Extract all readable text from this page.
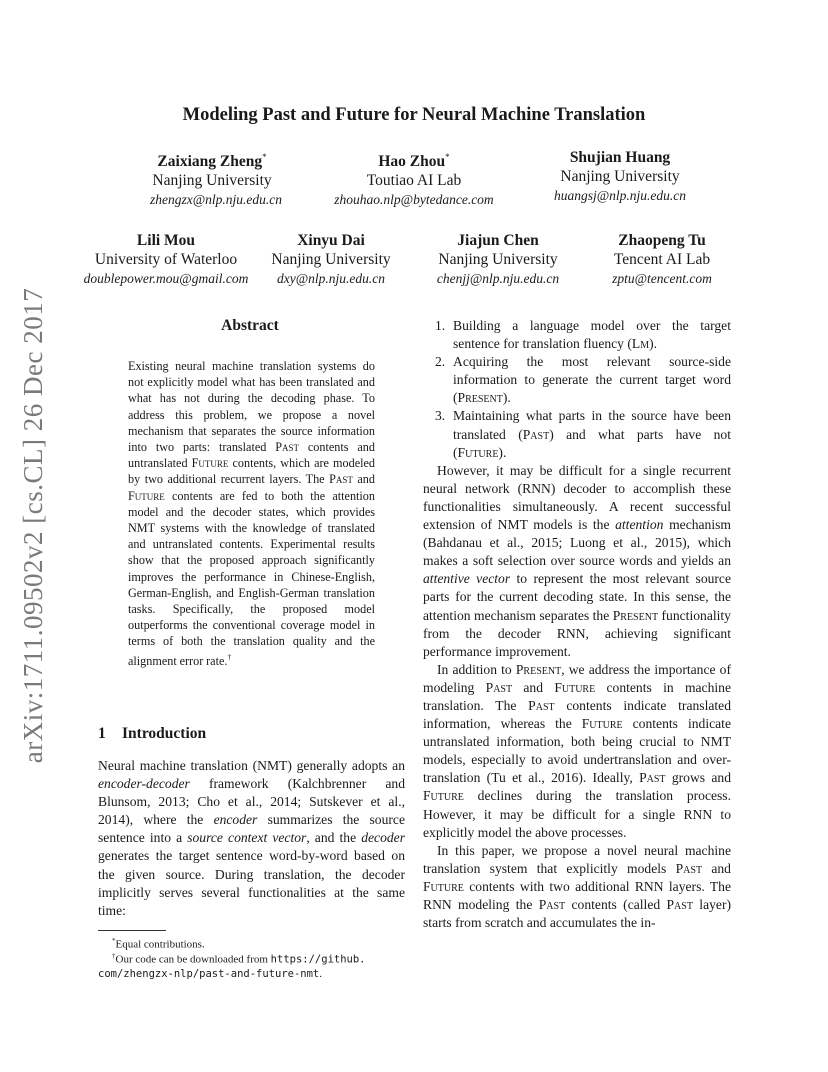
arXiv:1711.09502v2 [cs.CL] 26 Dec 2017
Modeling Past and Future for Neural Machine Translation
Zaixiang Zheng*
Nanjing University
zhengzx@nlp.nju.edu.cn
Hao Zhou*
Toutiao AI Lab
zhouhao.nlp@bytedance.com
Shujian Huang
Nanjing University
huangsj@nlp.nju.edu.cn
Lili Mou
University of Waterloo
doublepower.mou@gmail.com
Xinyu Dai
Nanjing University
dxy@nlp.nju.edu.cn
Jiajun Chen
Nanjing University
chenjj@nlp.nju.edu.cn
Zhaopeng Tu
Tencent AI Lab
zptu@tencent.com
Abstract
Existing neural machine translation systems do not explicitly model what has been translated and what has not during the decoding phase. To address this problem, we propose a novel mechanism that separates the source information into two parts: translated Past contents and untranslated Future contents, which are modeled by two additional recurrent layers. The Past and Future contents are fed to both the attention model and the decoder states, which provides NMT systems with the knowledge of translated and untranslated contents. Experimental results show that the proposed approach significantly improves the performance in Chinese-English, German-English, and English-German translation tasks. Specifically, the proposed model outperforms the conventional coverage model in terms of both the translation quality and the alignment error rate.†
1 Introduction
Neural machine translation (NMT) generally adopts an encoder-decoder framework (Kalchbrenner and Blunsom, 2013; Cho et al., 2014; Sutskever et al., 2014), where the encoder summarizes the source sentence into a source context vector, and the decoder generates the target sentence word-by-word based on the given source. During translation, the decoder implicitly serves several functionalities at the same time:
*Equal contributions.
†Our code can be downloaded from https://github. com/zhengzx-nlp/past-and-future-nmt.
1. Building a language model over the target sentence for translation fluency (Lm).
2. Acquiring the most relevant source-side information to generate the current target word (Present).
3. Maintaining what parts in the source have been translated (Past) and what parts have not (Future).

However, it may be difficult for a single recurrent neural network (RNN) decoder to accomplish these functionalities simultaneously. A recent successful extension of NMT models is the attention mechanism (Bahdanau et al., 2015; Luong et al., 2015), which makes a soft selection over source words and yields an attentive vector to represent the most relevant source parts for the current decoding state. In this sense, the attention mechanism separates the Present functionality from the decoder RNN, achieving significant performance improvement.

In addition to Present, we address the importance of modeling Past and Future contents in machine translation. The Past contents indicate translated information, whereas the Future contents indicate untranslated information, both being crucial to NMT models, especially to avoid undertranslation and over-translation (Tu et al., 2016). Ideally, Past grows and Future declines during the translation process. However, it may be difficult for a single RNN to explicitly model the above processes.

In this paper, we propose a novel neural machine translation system that explicitly models Past and Future contents with two additional RNN layers. The RNN modeling the Past contents (called Past layer) starts from scratch and accumulates the in-
